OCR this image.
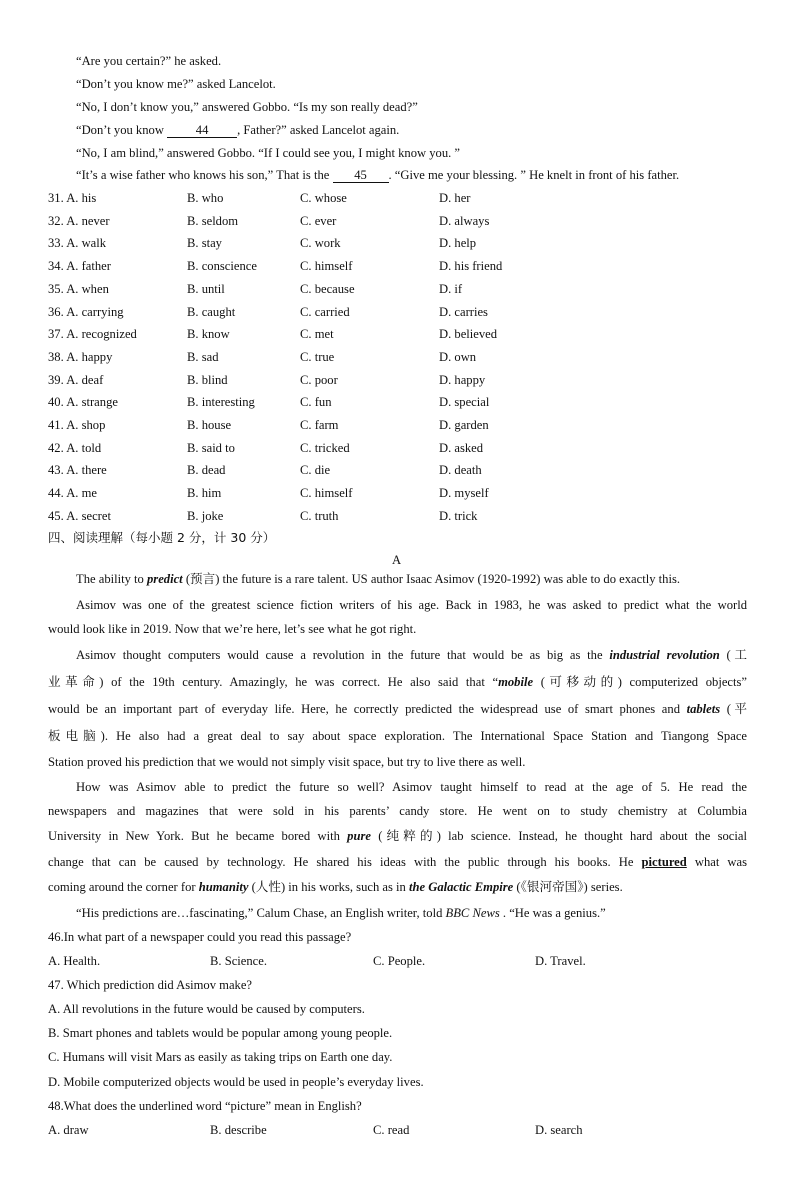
“Are you certain?” he asked.
“Don’t you know me?” asked Lancelot.
“No, I don’t know you,” answered Gobbo. “Is my son really dead?”
“Don’t you know 44 , Father?” asked Lancelot again.
“No, I am blind,” answered Gobbo. “If I could see you, I might know you. ”
“It’s a wise father who knows his son,” That is the 45 . “Give me your blessing. ” He knelt in front of his father.
31. A. his	B. who	C. whose	D. her
32. A. never	B. seldom	C. ever	D. always
33. A. walk	B. stay	C. work	D. help
34. A. father	B. conscience	C. himself	D. his friend
35. A. when	B. until	C. because	D. if
36. A. carrying	B. caught	C. carried	D. carries
37. A. recognized	B. know	C. met	D. believed
38. A. happy	B. sad	C. true	D. own
39. A. deaf	B. blind	C. poor	D. happy
40. A. strange	B. interesting	C. fun	D. special
41. A. shop	B. house	C. farm	D. garden
42. A. told	B. said to	C. tricked	D. asked
43. A. there	B. dead	C. die	D. death
44. A. me	B. him	C. himself	D. myself
45. A. secret	B. joke	C. truth	D. trick
四、阅读理解（每小题 2 分，计 30 分）
A
The ability to predict (预言) the future is a rare talent. US author Isaac Asimov (1920-1992) was able to do exactly this.
Asimov was one of the greatest science fiction writers of his age. Back in 1983, he was asked to predict what the world
would look like in 2019. Now that we’re here, let’s see what he got right.
Asimov thought computers would cause a revolution in the future that would be as big as the industrial revolution (工
业革命) of the 19th century. Amazingly, he was correct. He also said that “mobile (可移动的) computerized objects”
would be an important part of everyday life. Here, he correctly predicted the widespread use of smart phones and tablets (平
板电脑). He also had a great deal to say about space exploration. The International Space Station and Tiangong Space
Station proved his prediction that we would not simply visit space, but try to live there as well.
How was Asimov able to predict the future so well? Asimov taught himself to read at the age of 5. He read the
newspapers and magazines that were sold in his parents’ candy store. He went on to study chemistry at Columbia
University in New York. But he became bored with pure (纯粹的) lab science. Instead, he thought hard about the social
change that can be caused by technology. He shared his ideas with the public through his books. He pictured what was
coming around the corner for humanity (人性) in his works, such as in the Galactic Empire (《银河帝国》) series.
“His predictions are…fascinating,” Calum Chase, an English writer, told BBC News . “He was a genius.”
46.In what part of a newspaper could you read this passage?
A. Health.	B. Science.	C. People.	D. Travel.
47. Which prediction did Asimov make?
A. All revolutions in the future would be caused by computers.
B. Smart phones and tablets would be popular among young people.
C. Humans will visit Mars as easily as taking trips on Earth one day.
D. Mobile computerized objects would be used in people’s everyday lives.
48.What does the underlined word “picture” mean in English?
A. draw	B. describe	C. read	D. search
